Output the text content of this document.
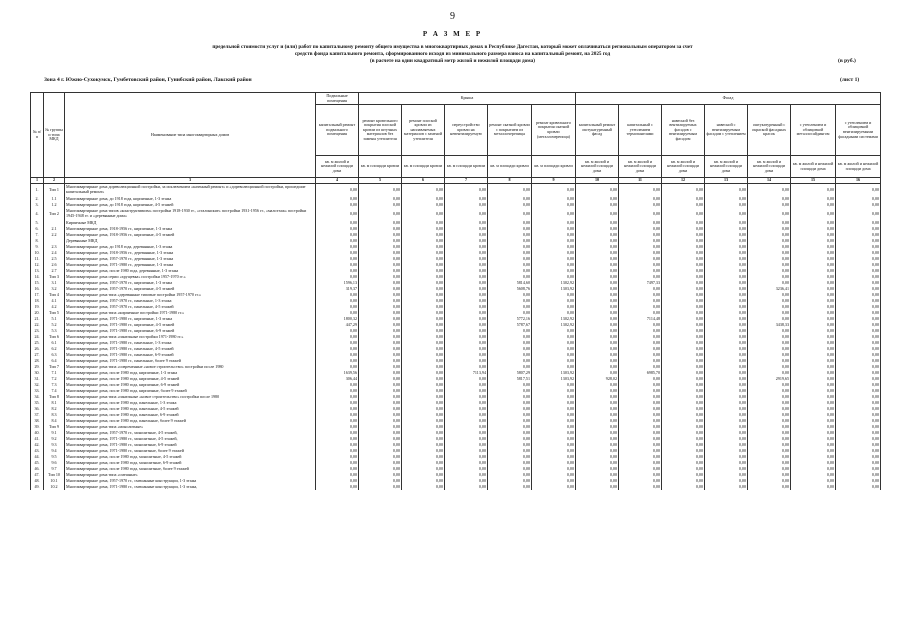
9
Р А З М Е Р
предельной стоимости услуг и (или) работ по капитальному ремонту общего имущества в многоквартирных домах в Республике Дагестан, который может оплачиваться региональным оператором за счет
средств фонда капитального ремонта, сформированного исходя из минимального размера взноса на капитальный ремонт, на 2025 год
(в расчете на один квадратный метр жилой и нежилой площади дома)	(в руб.)
Зона 4 г. Южно-Сухокумск, Гумбетовский район, Гунибский район, Лакский район	(лист 1)
№ п/п	№ группы и типа МКД	Наименование типа многоквартирных домов	Подвальные помещения	Крыша					Фасад						
			капитальный ремонт подвального помещения	ремонт кровельного покрытия плоской кровли из штучных материалов без замены утеплителя	ремонт плоской кровли из наплавляемых материалов с заменой утеплителя	переустройство кровли на невентилируемую	ремонт скатной кровли с покрытием из металлочерепицы	ремонт кровельного покрытия скатной кровли (металлочерепица)	капитальный ремонт оштукатуренный фасад	капитальный с утеплением термопанелями	навесной без вентилируемых фасадов с вентилируемым фасадом	навесной с вентилируемым фасадом с утеплением	оштукатуренный с окраской фасадных красок	с утеплением и облицовкой металлосайдингом	с утеплением и облицовкой вентилируемыми фасадными системами
			кв. м жилой и нежилой площади дома	кв. м площади кровли	кв. м площади кровли	кв. м площади кровли	кв. м площади кровли	кв. м площади кровли	кв. м жилой и нежилой площади дома	кв. м жилой и нежилой площади дома	кв. м жилой и нежилой площади дома	кв. м жилой и нежилой площади дома	кв. м жилой и нежилой площади дома	кв. м жилой и нежилой площади дома	кв. м жилой и нежилой площади дома
1	2	3	4	5	6	7	8	9	10	11	12	13	14	15	16
1.	Тип 1	Многоквартирные дома дореволюционной постройки, за исключением «казенный ремонт» и «дореволюционной постройки, прошедшие капитальный ремонт»	0,00	0,00	0,00	0,00	0,00	0,00	0,00	0,00	0,00	0,00	0,00	0,00	0,00
2.	1.1	Многоквартирные дома, до 1918 года, кирпичные, 1-3 этажа	0,00	0,00	0,00	0,00	0,00	0,00	0,00	0,00	0,00	0,00	0,00	0,00	0,00
3.	1.2	Многоквартирные дома, до 1918 года, кирпичные, 4-5 этажей	0,00	0,00	0,00	0,00	0,00	0,00	0,00	0,00	0,00	0,00	0,00	0,00	0,00
4.	Тип 2	Многоквартирные дома типов «конструктивизм» постройки 1918-1930 гг., «сталинские» постройки 1931-1956 гг., «малоэтаж» постройки 1945-1948 гг. и «деревянные дома»	0,00	0,00	0,00	0,00	0,00	0,00	0,00	0,00	0,00	0,00	0,00	0,00	0,00
5.		Кирпичные МКД	0,00	0,00	0,00	0,00	0,00	0,00	0,00	0,00	0,00	0,00	0,00	0,00	0,00
6.	2.1	Многоквартирные дома, 1918-1956 гг., кирпичные, 1-3 этажа	0,00	0,00	0,00	0,00	0,00	0,00	0,00	0,00	0,00	0,00	0,00	0,00	0,00
7.	2.2	Многоквартирные дома, 1918-1956 гг., кирпичные, 4-5 этажей	0,00	0,00	0,00	0,00	0,00	0,00	0,00	0,00	0,00	0,00	0,00	0,00	0,00
8.		Деревянные МКД	0,00	0,00	0,00	0,00	0,00	0,00	0,00	0,00	0,00	0,00	0,00	0,00	0,00
9.	2.3	Многоквартирные дома, до 1918 года, деревянные, 1-3 этажа	0,00	0,00	0,00	0,00	0,00	0,00	0,00	0,00	0,00	0,00	0,00	0,00	0,00
10.	2.4	Многоквартирные дома, 1918-1956 гг., деревянные, 1-3 этажа	0,00	0,00	0,00	0,00	0,00	0,00	0,00	0,00	0,00	0,00	0,00	0,00	0,00
11.	2.5	Многоквартирные дома, 1957-1970 гг., деревянные, 1-3 этажа	0,00	0,00	0,00	0,00	0,00	0,00	0,00	0,00	0,00	0,00	0,00	0,00	0,00
12.	2.6	Многоквартирные дома, 1971-1980 гг., деревянные, 1-3 этажа	0,00	0,00	0,00	0,00	0,00	0,00	0,00	0,00	0,00	0,00	0,00	0,00	0,00
13.	2.7	Многоквартирные дома, после 1980 года, деревянные, 1-3 этажа	0,00	0,00	0,00	0,00	0,00	0,00	0,00	0,00	0,00	0,00	0,00	0,00	0,00
14.	Тип 3	Многоквартирные дома серии «хрущевка» постройки 1957-1970 гг.»	0,00	0,00	0,00	0,00	0,00	0,00	0,00	0,00	0,00	0,00	0,00	0,00	0,00
15.	3.1	Многоквартирные дома, 1957-1970 гг., кирпичные, 1-3 этажа	1596,13	0,00	0,00	0,00	5814,60	1302,92	0,00	7497,33	0,00	0,00	0,00	0,00	0,00
16.	3.2	Многоквартирные дома, 1957-1970 гг., кирпичные, 4-5 этажей	319,37	0,00	0,00	0,00	5608,76	1303,92	0,00	0,00	0,00	0,00	3236,41	0,00	0,00
17.	Тип 4	Многоквартирные дома типа «деревянные типовые постройки 1957-1970 гг.»	0,00	0,00	0,00	0,00	0,00	0,00	0,00	0,00	0,00	0,00	0,00	0,00	0,00
18.	4.1	Многоквартирные дома, 1957-1970 гг., панельные, 1-3 этажа	0,00	0,00	0,00	0,00	0,00	0,00	0,00	0,00	0,00	0,00	0,00	0,00	0,00
19.	4.2	Многоквартирные дома, 1957-1970 гг., панельные, 4-5 этажей	0,00	0,00	0,00	0,00	0,00	0,00	0,00	0,00	0,00	0,00	0,00	0,00	0,00
20.	Тип 5	Многоквартирные дома типа «кирпичные постройки 1971-1980 гг.»	0,00	0,00	0,00	0,00	0,00	0,00	0,00	0,00	0,00	0,00	0,00	0,00	0,00
21.	5.1	Многоквартирные дома, 1971-1980 гг., кирпичные, 1-3 этажа	1800,32	0,00	0,00	0,00	5772,16	1302,92	0,00	7114,48	0,00	0,00	0,00	0,00	0,00
22.	5.2	Многоквартирные дома, 1971-1980 гг., кирпичные, 4-5 этажей	447,29	0,00	0,00	0,00	5787,67	1302,92	0,00	0,00	0,00	0,00	3438,33	0,00	0,00
23.	5.3	Многоквартирные дома, 1971-1980 гг., кирпичные, 6-9 этажей	0,00	0,00	0,00	0,00	0,00	0,00	0,00	0,00	0,00	0,00	0,00	0,00	0,00
24.	Тип 6	Многоквартирные дома типа «панельные постройки 1971-1980 гг.»	0,00	0,00	0,00	0,00	0,00	0,00	0,00	0,00	0,00	0,00	0,00	0,00	0,00
25.	6.1	Многоквартирные дома, 1971-1980 гг., панельные, 1-3 этажа	0,00	0,00	0,00	0,00	0,00	0,00	0,00	0,00	0,00	0,00	0,00	0,00	0,00
26.	6.2	Многоквартирные дома, 1971-1980 гг., панельные, 4-5 этажей	0,00	0,00	0,00	0,00	0,00	0,00	0,00	0,00	0,00	0,00	0,00	0,00	0,00
27.	6.3	Многоквартирные дома, 1971-1980 гг., панельные, 6-9 этажей	0,00	0,00	0,00	0,00	0,00	0,00	0,00	0,00	0,00	0,00	0,00	0,00	0,00
28.	6.4	Многоквартирные дома, 1971-1980 гг., панельные, более 9 этажей	0,00	0,00	0,00	0,00	0,00	0,00	0,00	0,00	0,00	0,00	0,00	0,00	0,00
29.	Тип 7	Многоквартирные дома типа «современные «новое строительство» постройки после 1980	0,00	0,00	0,00	0,00	0,00	0,00	0,00	0,00	0,00	0,00	0,00	0,00	0,00
30.	7.1	Многоквартирные дома, после 1980 года, кирпичные, 1-3 этажа	1639,56	0,00	0,00	7113,94	5807,29	1303,92	0,00	6985,70	0,00	0,00	0,00	0,00	0,00
31.	7.2	Многоквартирные дома, после 1980 года, кирпичные, 4-5 этажей	306,44	0,00	0,00	0,00	5817,51	1303,92	928,02	0,00	0,00	0,00	2919,65	0,00	0,00
32.	7.3	Многоквартирные дома, после 1980 года, кирпичные, 6-9 этажей	0,00	0,00	0,00	0,00	0,00	0,00	0,00	0,00	0,00	0,00	0,00	0,00	0,00
33.	7.4	Многоквартирные дома, после 1980 года, кирпичные, более 9 этажей	0,00	0,00	0,00	0,00	0,00	0,00	0,00	0,00	0,00	0,00	0,00	0,00	0,00
34.	Тип 8	Многоквартирные дома типа «панельные «новое строительство» постройки после 1980	0,00	0,00	0,00	0,00	0,00	0,00	0,00	0,00	0,00	0,00	0,00	0,00	0,00
35.	8.1	Многоквартирные дома, после 1980 года, панельные, 1-3 этажа	0,00	0,00	0,00	0,00	0,00	0,00	0,00	0,00	0,00	0,00	0,00	0,00	0,00
36.	8.2	Многоквартирные дома, после 1980 года, панельные, 4-5 этажей	0,00	0,00	0,00	0,00	0,00	0,00	0,00	0,00	0,00	0,00	0,00	0,00	0,00
37.	8.3	Многоквартирные дома, после 1980 года, панельные, 6-9 этажей	0,00	0,00	0,00	0,00	0,00	0,00	0,00	0,00	0,00	0,00	0,00	0,00	0,00
38.	8.4	Многоквартирные дома, после 1980 года, панельные, более 9 этажей	0,00	0,00	0,00	0,00	0,00	0,00	0,00	0,00	0,00	0,00	0,00	0,00	0,00
39.	Тип 9	Многоквартирные дома типа «монолитные»	0,00	0,00	0,00	0,00	0,00	0,00	0,00	0,00	0,00	0,00	0,00	0,00	0,00
40.	9.1	Многоквартирные дома, 1957-1970 гг., монолитные, 4-5 этажей,	0,00	0,00	0,00	0,00	0,00	0,00	0,00	0,00	0,00	0,00	0,00	0,00	0,00
41.	9.2	Многоквартирные дома, 1971-1980 гг., монолитные, 4-5 этажей,	0,00	0,00	0,00	0,00	0,00	0,00	0,00	0,00	0,00	0,00	0,00	0,00	0,00
42.	9.3	Многоквартирные дома, 1971-1980 гг., монолитные, 6-9 этажей	0,00	0,00	0,00	0,00	0,00	0,00	0,00	0,00	0,00	0,00	0,00	0,00	0,00
43.	9.4	Многоквартирные дома, 1971-1980 гг., монолитные, более 9 этажей	0,00	0,00	0,00	0,00	0,00	0,00	0,00	0,00	0,00	0,00	0,00	0,00	0,00
44.	9.5	Многоквартирные дома, после 1980 года, монолитные, 4-5 этажей	0,00	0,00	0,00	0,00	0,00	0,00	0,00	0,00	0,00	0,00	0,00	0,00	0,00
45.	9.6	Многоквартирные дома, после 1980 года, монолитные, 6-9 этажей	0,00	0,00	0,00	0,00	0,00	0,00	0,00	0,00	0,00	0,00	0,00	0,00	0,00
46.	9.7	Многоквартирные дома, после 1980 года, монолитные, более 9 этажей	0,00	0,00	0,00	0,00	0,00	0,00	0,00	0,00	0,00	0,00	0,00	0,00	0,00
47.	Тип 10	Многоквартирные дома типа «смешные»	0,00	0,00	0,00	0,00	0,00	0,00	0,00	0,00	0,00	0,00	0,00	0,00	0,00
48.	10.1	Многоквартирные дома, 1957-1970 гг., смешанные конструкции, 1-3 этажа	0,00	0,00	0,00	0,00	0,00	0,00	0,00	0,00	0,00	0,00	0,00	0,00	0,00
49.	10.2	Многоквартирные дома, 1971-1980 гг., смешанные конструкции, 1-3 этажа,	0,00	0,00	0,00	0,00	0,00	0,00	0,00	0,00	0,00	0,00	0,00	0,00	0,00
